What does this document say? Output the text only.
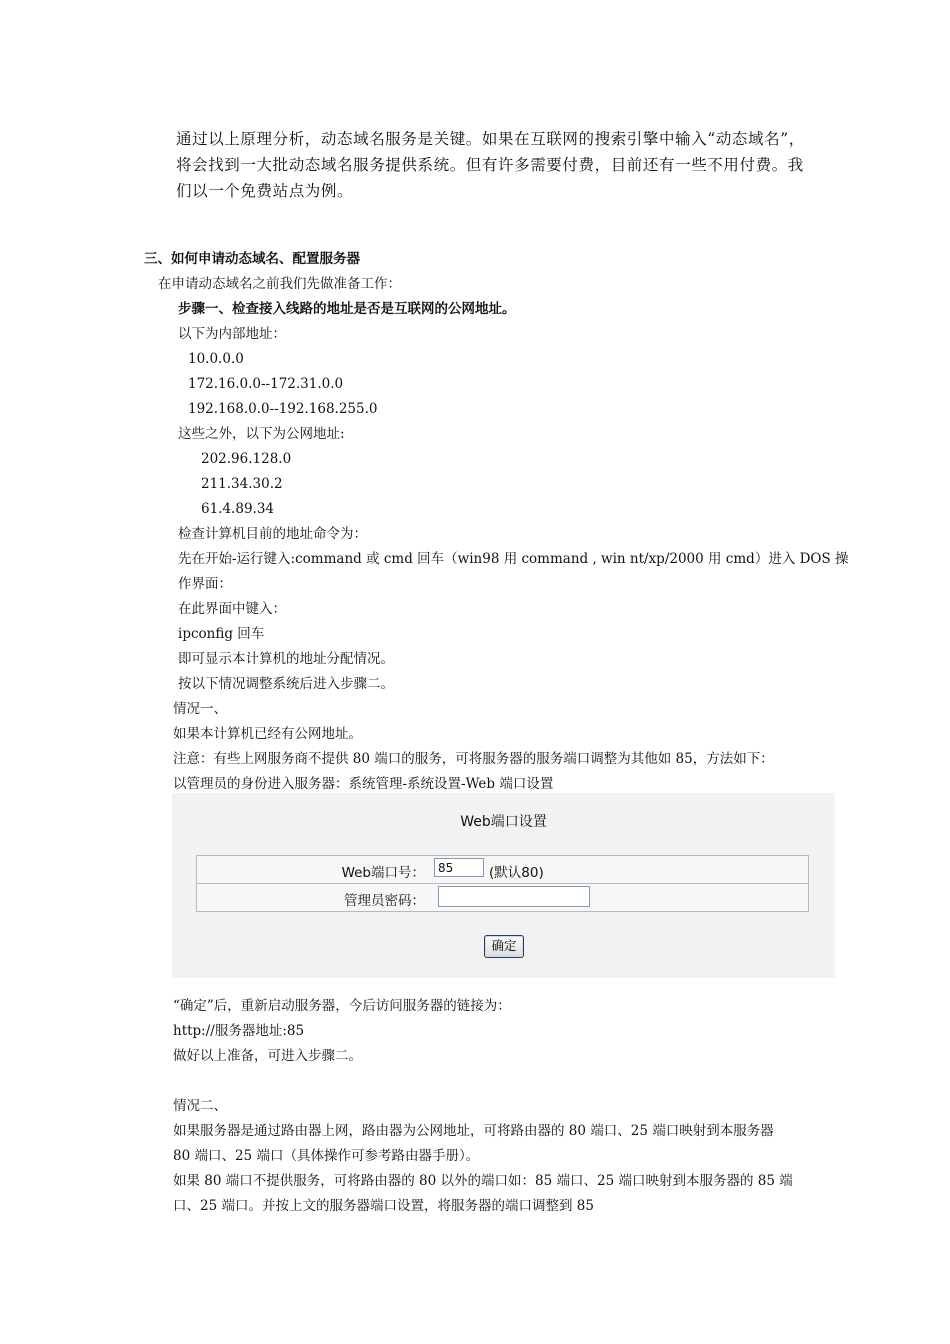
通过以上原理分析，动态域名服务是关键。如果在互联网的搜索引擎中输入“动态域名”，

将会找到一大批动态域名服务提供系统。但有许多需要付费，目前还有一些不用付费。我

们以一个免费站点为例。

三、如何申请动态域名、配置服务器
在申请动态域名之前我们先做准备工作：
步骤一、检查接入线路的地址是否是互联网的公网地址。
以下为内部地址：
10.0.0.0
172.16.0.0--172.31.0.0
192.168.0.0--192.168.255.0
这些之外，以下为公网地址:
202.96.128.0
211.34.30.2
61.4.89.34
检查计算机目前的地址命令为：
先在开始-运行键入:command 或 cmd 回车（win98 用 command , win nt/xp/2000 用 cmd）进入 DOS 操
作界面：
在此界面中键入：
ipconfig 回车
即可显示本计算机的地址分配情况。
按以下情况调整系统后进入步骤二。
情况一、
如果本计算机已经有公网地址。
注意：有些上网服务商不提供 80 端口的服务，可将服务器的服务端口调整为其他如 85，方法如下：
以管理员的身份进入服务器：系统管理-系统设置-Web 端口设置
Web端口设置
Web端口号：	85	(默认80)
管理员密码：
确定
“确定”后，重新启动服务器，今后访问服务器的链接为：
http://服务器地址:85
做好以上准备，可进入步骤二。
情况二、
如果服务器是通过路由器上网，路由器为公网地址，可将路由器的 80 端口、25 端口映射到本服务器
80 端口、25 端口（具体操作可参考路由器手册）。
如果 80 端口不提供服务，可将路由器的 80 以外的端口如：85 端口、25 端口映射到本服务器的 85 端
口、25 端口。并按上文的服务器端口设置，将服务器的端口调整到 85
